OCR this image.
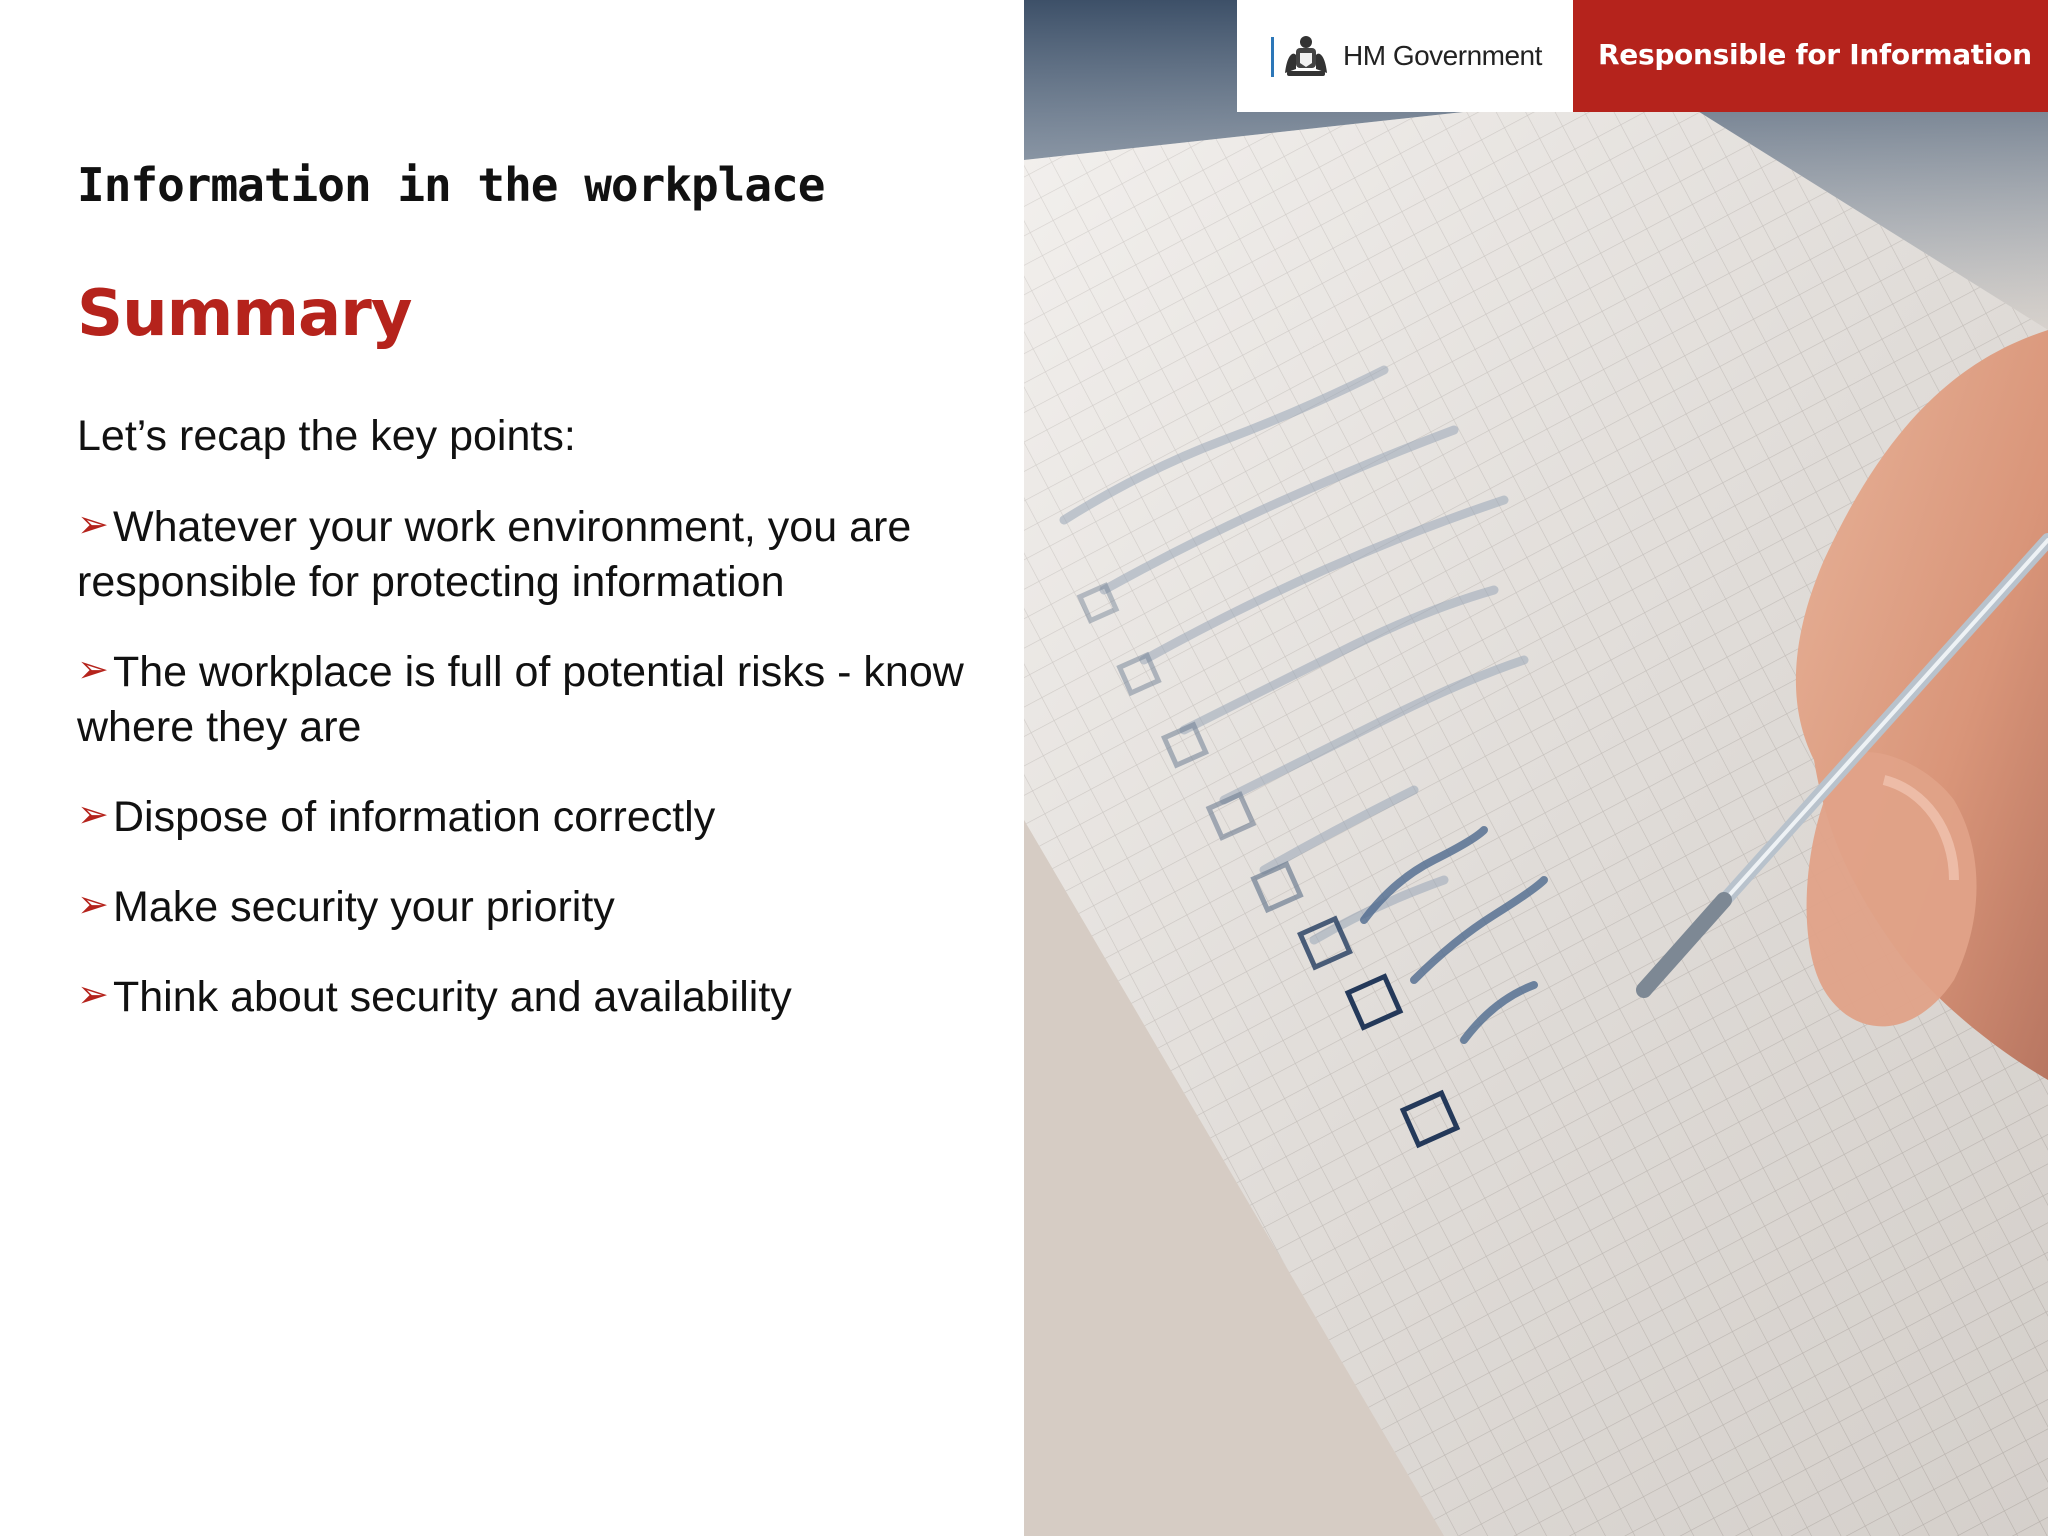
Information in the workplace
Summary

Let’s recap the key points:

➢Whatever your work environment, you are responsible for protecting information
➢The workplace is full of potential risks - know where they are
➢Dispose of information correctly
➢Make security your priority
➢Think about security and availability
HM Government Responsible for Information
